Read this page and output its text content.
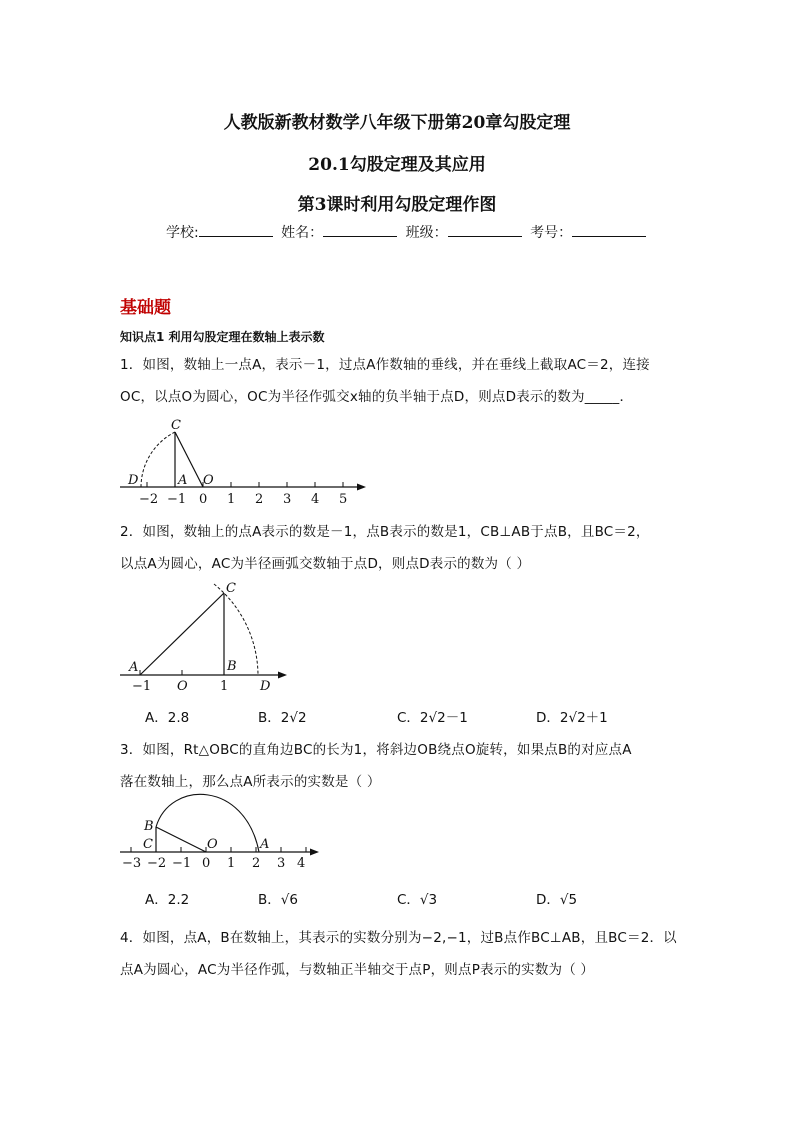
人教版新教材数学八年级下册第20章勾股定理
20.1勾股定理及其应用
第3课时利用勾股定理作图
学校:	姓名：	班级：	考号：
基础题
知识点1 利用勾股定理在数轴上表示数
1．如图，数轴上一点A，表示－1，过点A作数轴的垂线，并在垂线上截取AC＝2，连接
OC，以点O为圆心，OC为半径作弧交x轴的负半轴于点D，则点D表示的数为_____．
C
D	A O
−2 −1 0 1 2 3 4 5
2．如图，数轴上的点A表示的数是－1，点B表示的数是1，CB⊥AB于点B，且BC＝2，
以点A为圆心，AC为半径画弧交数轴于点D，则点D表示的数为（ ）
C
A	B
D
−1 O 1
A．2.8	B．2√2	C．2√2－1	D．2√2＋1
3．如图，Rt△OBC的直角边BC的长为1，将斜边OB绕点O旋转，如果点B的对应点A
落在数轴上，那么点A所表示的实数是（ ）
B
C	O	A
−3 −2 −1 0 1 2 3 4
A．2.2	B．√6	C．√3	D．√5
4．如图，点A，B在数轴上，其表示的实数分别为−2,−1，过B点作BC⊥AB，且BC＝2．以
点A为圆心，AC为半径作弧，与数轴正半轴交于点P，则点P表示的实数为（ ）
